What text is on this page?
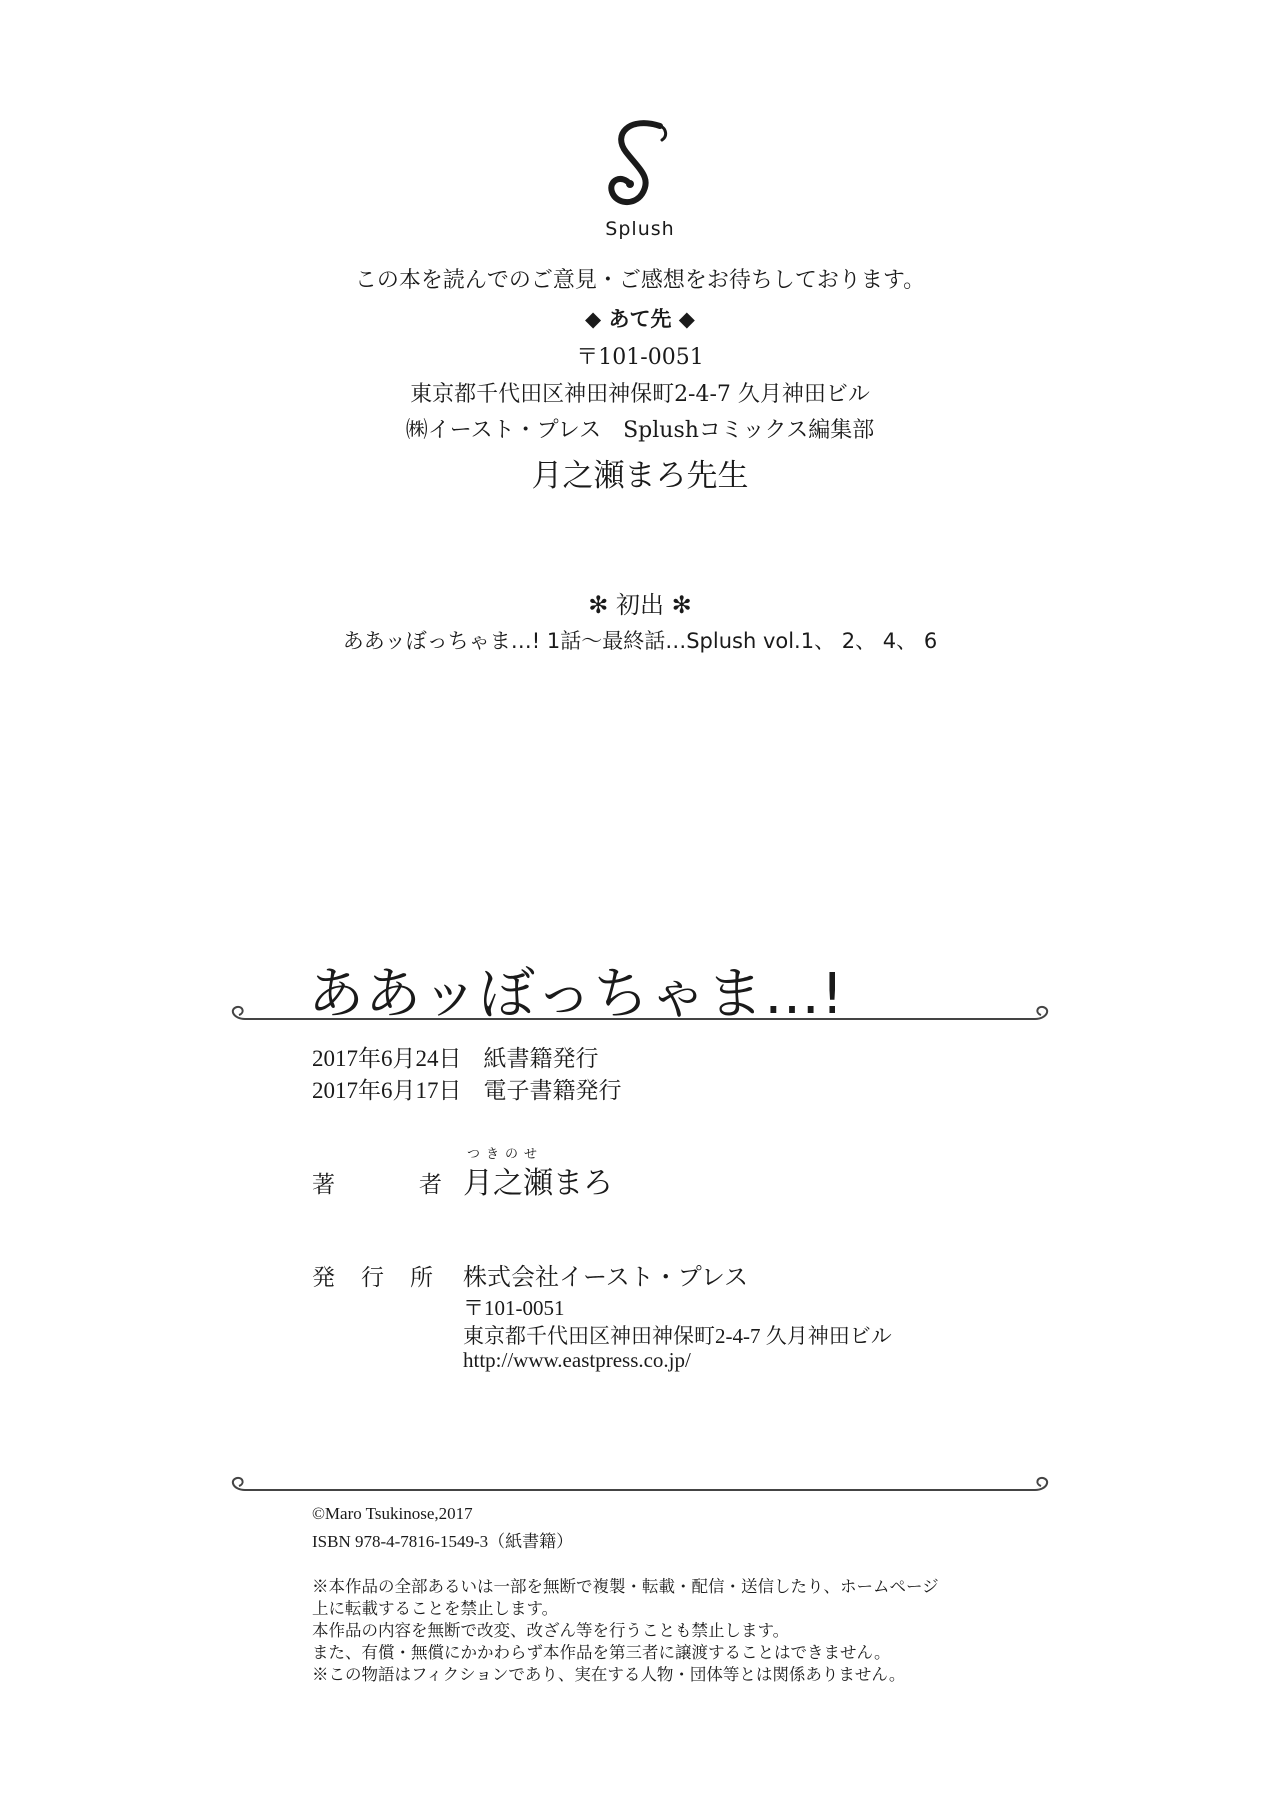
Splush
この本を読んでのご意見・ご感想をお待ちしております。
◆ あて先 ◆
〒101-0051
東京都千代田区神田神保町2-4-7 久月神田ビル
㈱イースト・プレス　Splushコミックス編集部
月之瀬まろ先生
✻ 初出 ✻
ああッぼっちゃま…! 1話〜最終話…Splush vol.1、 2、 4、 6
ああッぼっちゃま…!
2017年6月24日 紙書籍発行
2017年6月17日 電子書籍発行
著	者
つきのせ
月之瀬まろ
発 行 所 株式会社イースト・プレス
〒101-0051
東京都千代田区神田神保町2-4-7 久月神田ビル
http://www.eastpress.co.jp/
©Maro Tsukinose,2017
ISBN 978-4-7816-1549-3（紙書籍）
※本作品の全部あるいは一部を無断で複製・転載・配信・送信したり、ホームページ
上に転載することを禁止します。
本作品の内容を無断で改変、改ざん等を行うことも禁止します。
また、有償・無償にかかわらず本作品を第三者に譲渡することはできません。
※この物語はフィクションであり、実在する人物・団体等とは関係ありません。
